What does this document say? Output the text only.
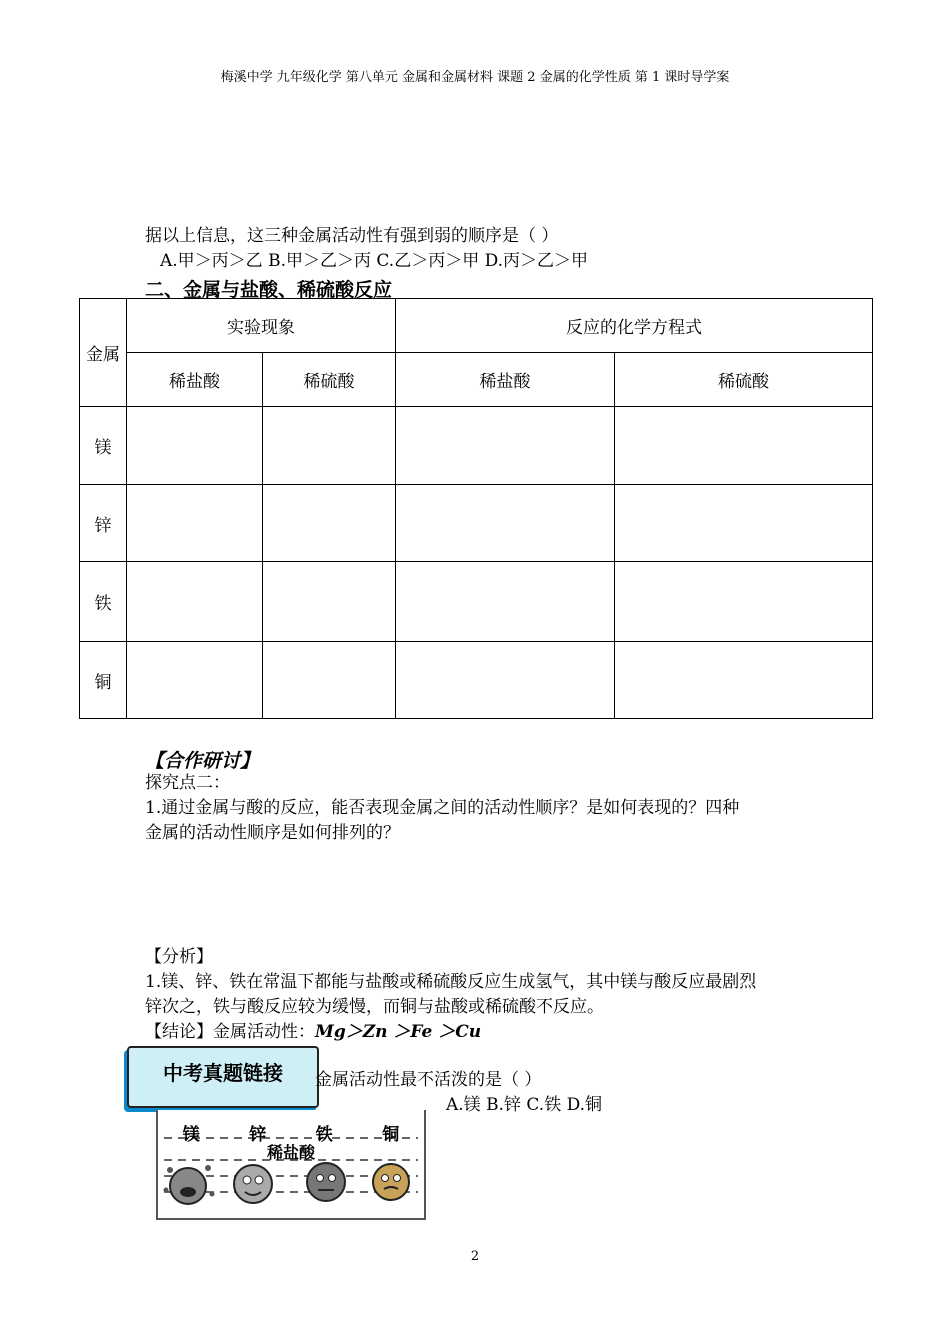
梅溪中学 九年级化学 第八单元 金属和金属材料 课题 2 金属的化学性质 第 1 课时导学案
据以上信息，这三种金属活动性有强到弱的顺序是（ ）
A.甲＞丙＞乙 B.甲＞乙＞丙 C.乙＞丙＞甲 D.丙＞乙＞甲
二、金属与盐酸、稀硫酸反应
金属	实验现象		反应的化学方程式	
	稀盐酸	稀硫酸	稀盐酸	稀硫酸
镁				
锌				
铁				
铜				
【合作研讨】
探究点二：
1.通过金属与酸的反应，能否表现金属之间的活动性顺序？是如何表现的？四种
金属的活动性顺序是如何排列的？
【分析】
1.镁、锌、铁在常温下都能与盐酸或稀硫酸反应生成氢气，其中镁与酸反应最剧烈
锌次之，铁与酸反应较为缓慢，而铜与盐酸或稀硫酸不反应。
【结论】金属活动性：Mg＞Zn ＞Fe ＞Cu
中考真题链接	金属活动性最不活泼的是（ ）
A.镁 B.锌 C.铁 D.铜
镁	锌	铁	铜
稀盐酸
2
